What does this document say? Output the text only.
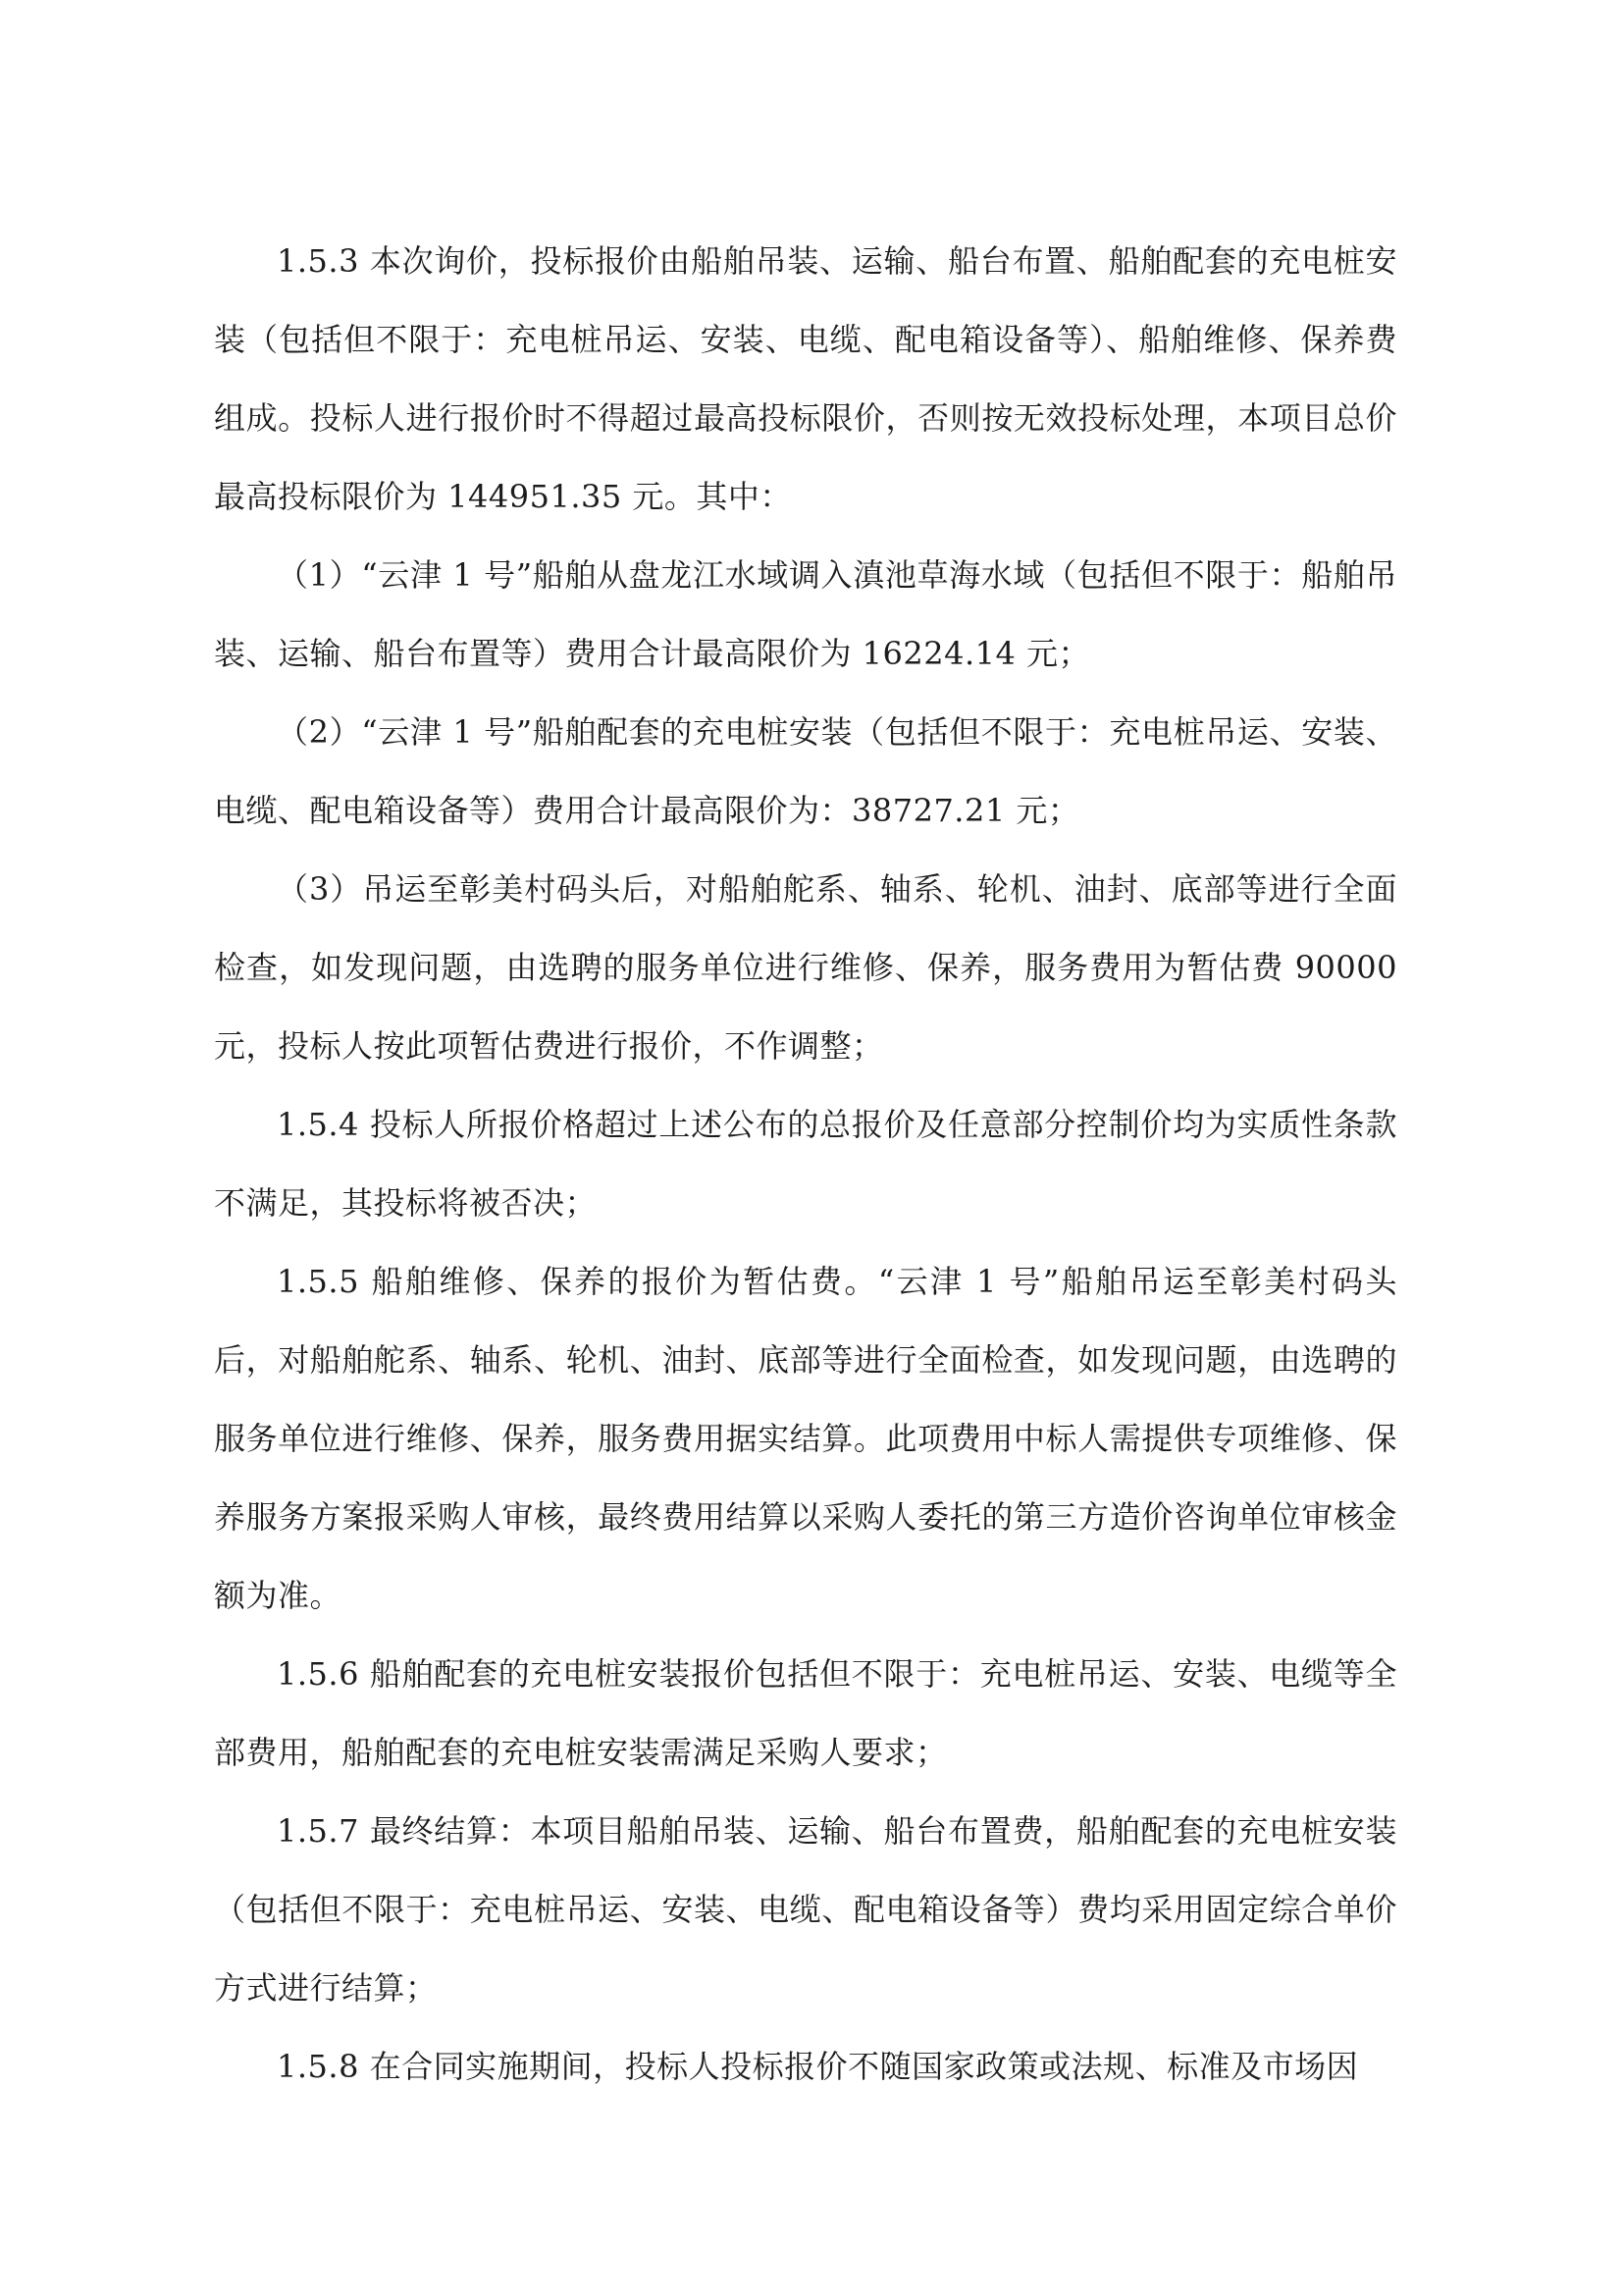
1.5.3 本次询价，投标报价由船舶吊装、运输、船台布置、船舶配套的充电桩安装（包括但不限于：充电桩吊运、安装、电缆、配电箱设备等）、船舶维修、保养费组成。投标人进行报价时不得超过最高投标限价，否则按无效投标处理，本项目总价最高投标限价为 144951.35 元。其中：

（1）“云津 1 号”船舶从盘龙江水域调入滇池草海水域（包括但不限于：船舶吊装、运输、船台布置等）费用合计最高限价为 16224.14 元；

（2）“云津 1 号”船舶配套的充电桩安装（包括但不限于：充电桩吊运、安装、电缆、配电箱设备等）费用合计最高限价为：38727.21 元；

（3）吊运至彰美村码头后，对船舶舵系、轴系、轮机、油封、底部等进行全面检查，如发现问题，由选聘的服务单位进行维修、保养，服务费用为暂估费 90000 元，投标人按此项暂估费进行报价，不作调整；

1.5.4 投标人所报价格超过上述公布的总报价及任意部分控制价均为实质性条款不满足，其投标将被否决；

1.5.5 船舶维修、保养的报价为暂估费。“云津 1 号”船舶吊运至彰美村码头后，对船舶舵系、轴系、轮机、油封、底部等进行全面检查，如发现问题，由选聘的服务单位进行维修、保养，服务费用据实结算。此项费用中标人需提供专项维修、保养服务方案报采购人审核，最终费用结算以采购人委托的第三方造价咨询单位审核金额为准。

1.5.6 船舶配套的充电桩安装报价包括但不限于：充电桩吊运、安装、电缆等全部费用，船舶配套的充电桩安装需满足采购人要求；

1.5.7 最终结算：本项目船舶吊装、运输、船台布置费，船舶配套的充电桩安装（包括但不限于：充电桩吊运、安装、电缆、配电箱设备等）费均采用固定综合单价方式进行结算；

1.5.8 在合同实施期间，投标人投标报价不随国家政策或法规、标准及市场因
